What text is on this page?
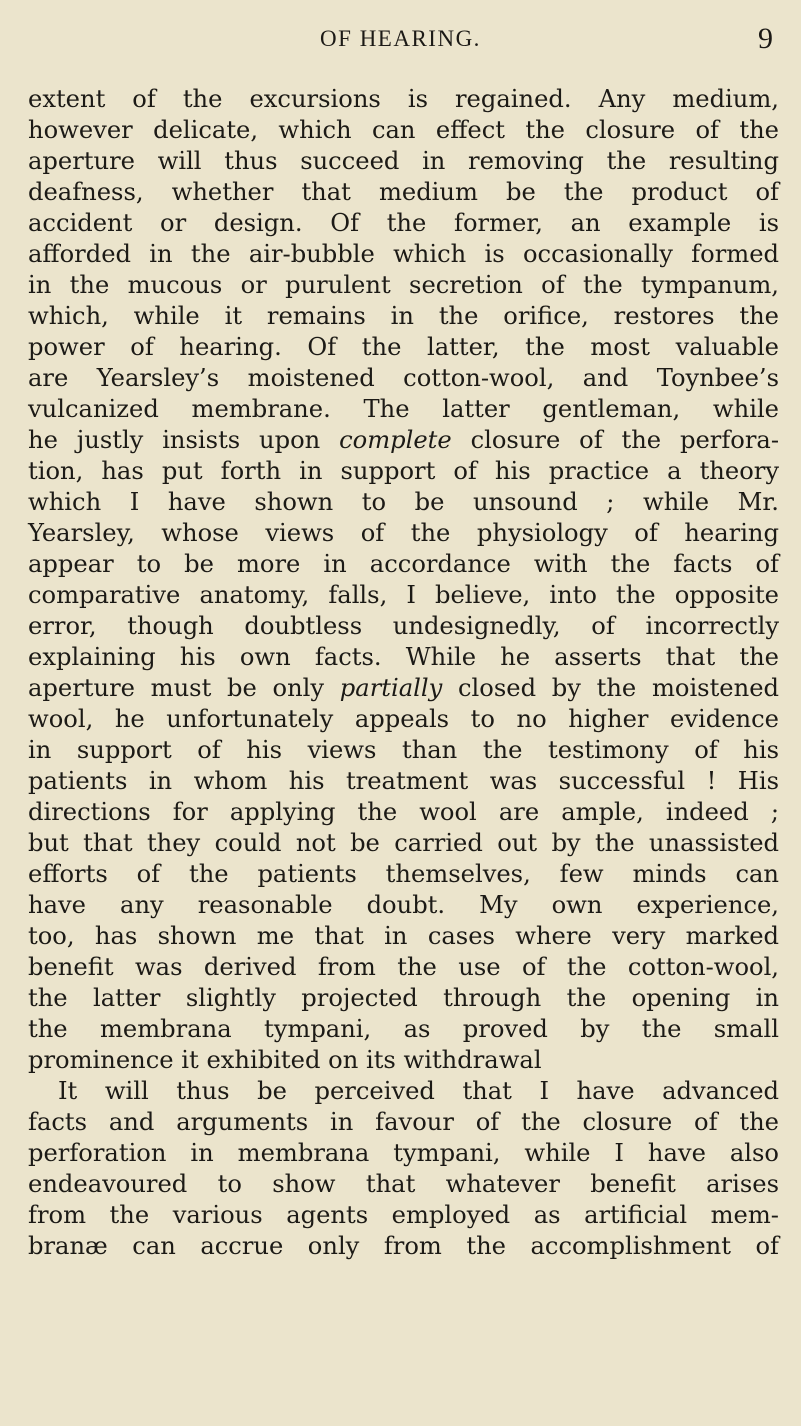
OF HEARING.	9
extent of the excursions is regained. Any medium,
however delicate, which can effect the closure of the
aperture will thus succeed in removing the resulting
deafness, whether that medium be the product of
accident or design. Of the former, an example is
afforded in the air-bubble which is occasionally formed
in the mucous or purulent secretion of the tympanum,
which, while it remains in the orifice, restores the
power of hearing. Of the latter, the most valuable
are Yearsley’s moistened cotton-wool, and Toynbee’s
vulcanized membrane. The latter gentleman, while
he justly insists upon complete closure of the perfora-
tion, has put forth in support of his practice a theory
which I have shown to be unsound ; while Mr.
Yearsley, whose views of the physiology of hearing
appear to be more in accordance with the facts of
comparative anatomy, falls, I believe, into the opposite
error, though doubtless undesignedly, of incorrectly
explaining his own facts. While he asserts that the
aperture must be only partially closed by the moistened
wool, he unfortunately appeals to no higher evidence
in support of his views than the testimony of his
patients in whom his treatment was successful ! His
directions for applying the wool are ample, indeed ;
but that they could not be carried out by the unassisted
efforts of the patients themselves, few minds can
have any reasonable doubt. My own experience,
too, has shown me that in cases where very marked
benefit was derived from the use of the cotton-wool,
the latter slightly projected through the opening in
the membrana tympani, as proved by the small
prominence it exhibited on its withdrawal
It will thus be perceived that I have advanced
facts and arguments in favour of the closure of the
perforation in membrana tympani, while I have also
endeavoured to show that whatever benefit arises
from the various agents employed as artificial mem-
branæ can accrue only from the accomplishment of
